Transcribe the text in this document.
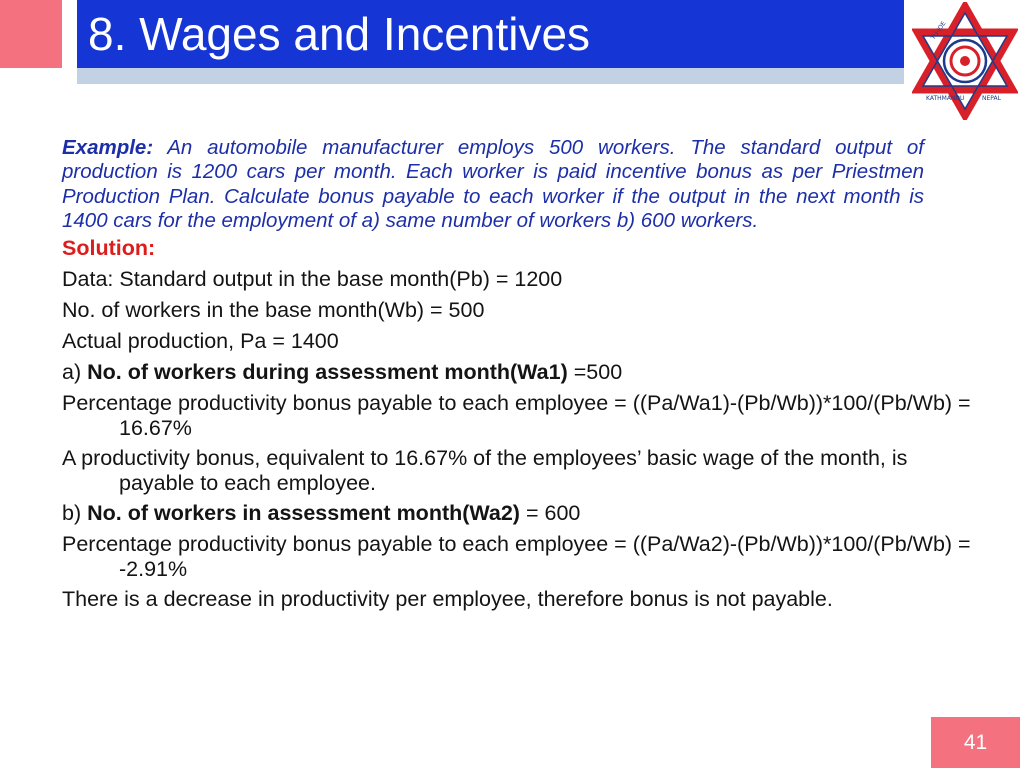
8. Wages and Incentives	TU-IOE
KATHMANDU	NEPAL

Example: An automobile manufacturer employs 500 workers. The standard output of production is 1200 cars per month. Each worker is paid incentive bonus as per Priestmen Production Plan. Calculate bonus payable to each worker if the output in the next month is 1400 cars for the employment of a) same number of workers b) 600 workers.

Solution:

Data: Standard output in the base month(Pb) = 1200

No. of workers in the base month(Wb) = 500

Actual production, Pa = 1400

a) No. of workers during assessment month(Wa1) =500

Percentage productivity bonus payable to each employee = ((Pa/Wa1)-(Pb/Wb))*100/(Pb/Wb) = 16.67%

A productivity bonus, equivalent to 16.67% of the employees’ basic wage of the month, is payable to each employee.

b) No. of workers in assessment month(Wa2) = 600

Percentage productivity bonus payable to each employee = ((Pa/Wa2)-(Pb/Wb))*100/(Pb/Wb) = -2.91%

There is a decrease in productivity per employee, therefore bonus is not payable.

41
